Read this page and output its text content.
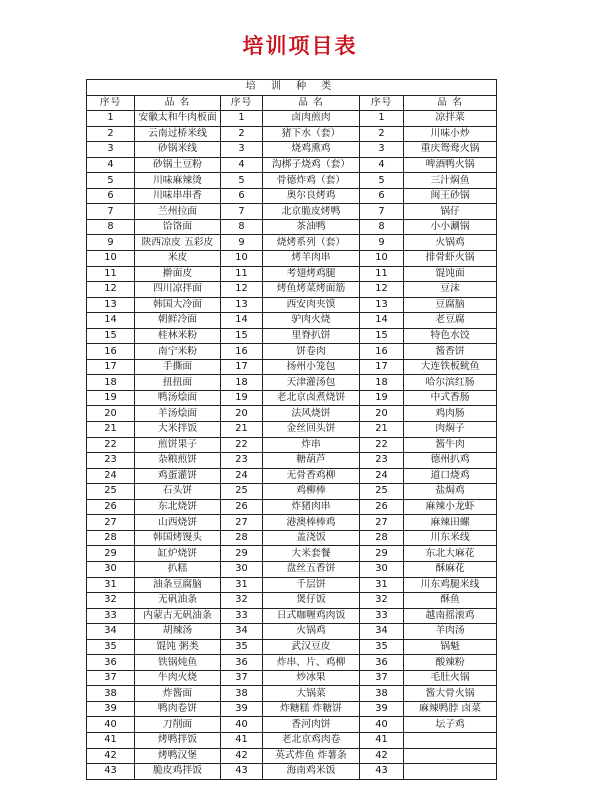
培训项目表
培 训 种 类					
序号	品 名	序号	品 名	序号	品 名
1	安徽太和牛肉板面	1	卤肉煎肉	1	凉拌菜
2	云南过桥米线	2	猪下水（套）	2	川味小炒
3	砂锅米线	3	烧鸡熏鸡	3	重庆鸳鸯火锅
4	砂锅土豆粉	4	沟梆子烧鸡（套）	4	啤酒鸭火锅
5	川味麻辣烫	5	骨德炸鸡（套）	5	三汁焖鱼
6	川味串串香	6	奥尔良烤鸡	6	闽王砂锅
7	兰州拉面	7	北京脆皮烤鸭	7	锅仔
8	饸饹面	8	茶油鸭	8	小小涮锅
9	陕西凉皮 五彩皮	9	烧烤系列（套）	9	火锅鸡
10	米皮	10	烤羊肉串	10	排骨虾火锅
11	擀面皮	11	考翅烤鸡腿	11	馄饨面
12	四川凉拌面	12	烤鱼烤菜烤面筋	12	豆沫
13	韩国大冷面	13	西安肉夹馍	13	豆腐脑
14	朝鲜冷面	14	驴肉火烧	14	老豆腐
15	桂林米粉	15	里脊扒饼	15	特色水饺
16	南宁米粉	16	饼卷肉	16	酱香饼
17	手撕面	17	扬州小笼包	17	大连铁板鱿鱼
18	扭扭面	18	天津灌汤包	18	哈尔滨红肠
19	鸭汤烩面	19	老北京卤煮烧饼	19	中式香肠
20	羊汤烩面	20	法风烧饼	20	鸡肉肠
21	大米拌饭	21	金丝回头饼	21	肉焖子
22	煎饼果子	22	炸串	22	酱牛肉
23	杂粮煎饼	23	糖葫芦	23	德州扒鸡
24	鸡蛋灌饼	24	无骨香鸡柳	24	道口烧鸡
25	石头饼	25	鸡柳棒	25	盐焗鸡
26	东北烧饼	26	炸猪肉串	26	麻辣小龙虾
27	山西烧饼	27	港澳棒棒鸡	27	麻辣田螺
28	韩国烤馒头	28	盖浇饭	28	川东米线
29	缸炉烧饼	29	大米套餐	29	东北大麻花
30	扒糕	30	盘丝五香饼	30	酥麻花
31	油条豆腐脑	31	千层饼	31	川东鸡腿米线
32	无矾油条	32	煲仔饭	32	酥鱼
33	内蒙古无矾油条	33	日式咖喱鸡肉饭	33	越南摇滚鸡
34	胡辣汤	34	火锅鸡	34	羊肉汤
35	馄饨 粥类	35	武汉豆皮	35	锅魁
36	铁锅炖鱼	36	炸串、片、鸡柳	36	酸辣粉
37	牛肉火烧	37	炒冰果	37	毛肚火锅
38	炸酱面	38	大锅菜	38	酱大骨火锅
39	鸭肉卷饼	39	炸糖糕 炸糖饼	39	麻辣鸭脖 卤菜
40	刀削面	40	香河肉饼	40	坛子鸡
41	烤鸭拌饭	41	老北京鸡肉卷	41	
42	烤鸭汉堡	42	英式炸鱼 炸薯条	42	
43	脆皮鸡拌饭	43	海南鸡米饭	43	
